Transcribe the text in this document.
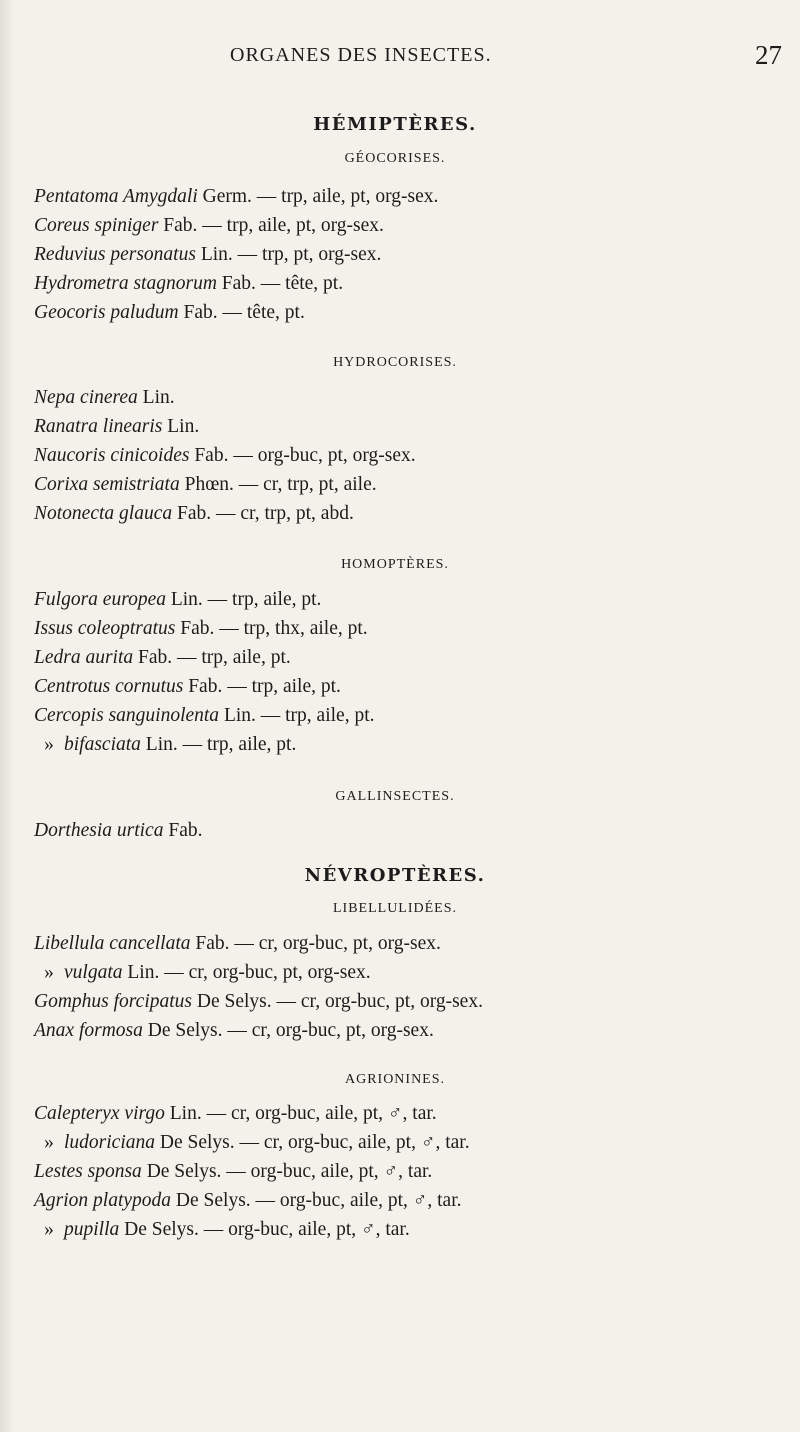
ORGANES DES INSECTES.	27
HÉMIPTÈRES.
GÉOCORISES.
Pentatoma Amygdali Germ. — trp, aile, pt, org-sex.
Coreus spiniger Fab. — trp, aile, pt, org-sex.
Reduvius personatus Lin. — trp, pt, org-sex.
Hydrometra stagnorum Fab. — tête, pt.
Geocoris paludum Fab. — tête, pt.
HYDROCORISES.
Nepa cinerea Lin.
Ranatra linearis Lin.
Naucoris cinicoides Fab. — org-buc, pt, org-sex.
Corixa semistriata Phœn. — cr, trp, pt, aile.
Notonecta glauca Fab. — cr, trp, pt, abd.
HOMOPTÈRES.
Fulgora europea Lin. — trp, aile, pt.
Issus coleoptratus Fab. — trp, thx, aile, pt.
Ledra aurita Fab. — trp, aile, pt.
Centrotus cornutus Fab. — trp, aile, pt.
Cercopis sanguinolenta Lin. — trp, aile, pt.
» bifasciata Lin. — trp, aile, pt.
GALLINSECTES.
Dorthesia urtica Fab.
NÉVROPTÈRES.
LIBELLULIDÉES.
Libellula cancellata Fab. — cr, org-buc, pt, org-sex.
» vulgata Lin. — cr, org-buc, pt, org-sex.
Gomphus forcipatus De Selys. — cr, org-buc, pt, org-sex.
Anax formosa De Selys. — cr, org-buc, pt, org-sex.
AGRIONINES.
Calepteryx virgo Lin. — cr, org-buc, aile, pt, ♂, tar.
» ludoriciana De Selys. — cr, org-buc, aile, pt, ♂, tar.
Lestes sponsa De Selys. — org-buc, aile, pt, ♂, tar.
Agrion platypoda De Selys. — org-buc, aile, pt, ♂, tar.
» pupilla De Selys. — org-buc, aile, pt, ♂, tar.
